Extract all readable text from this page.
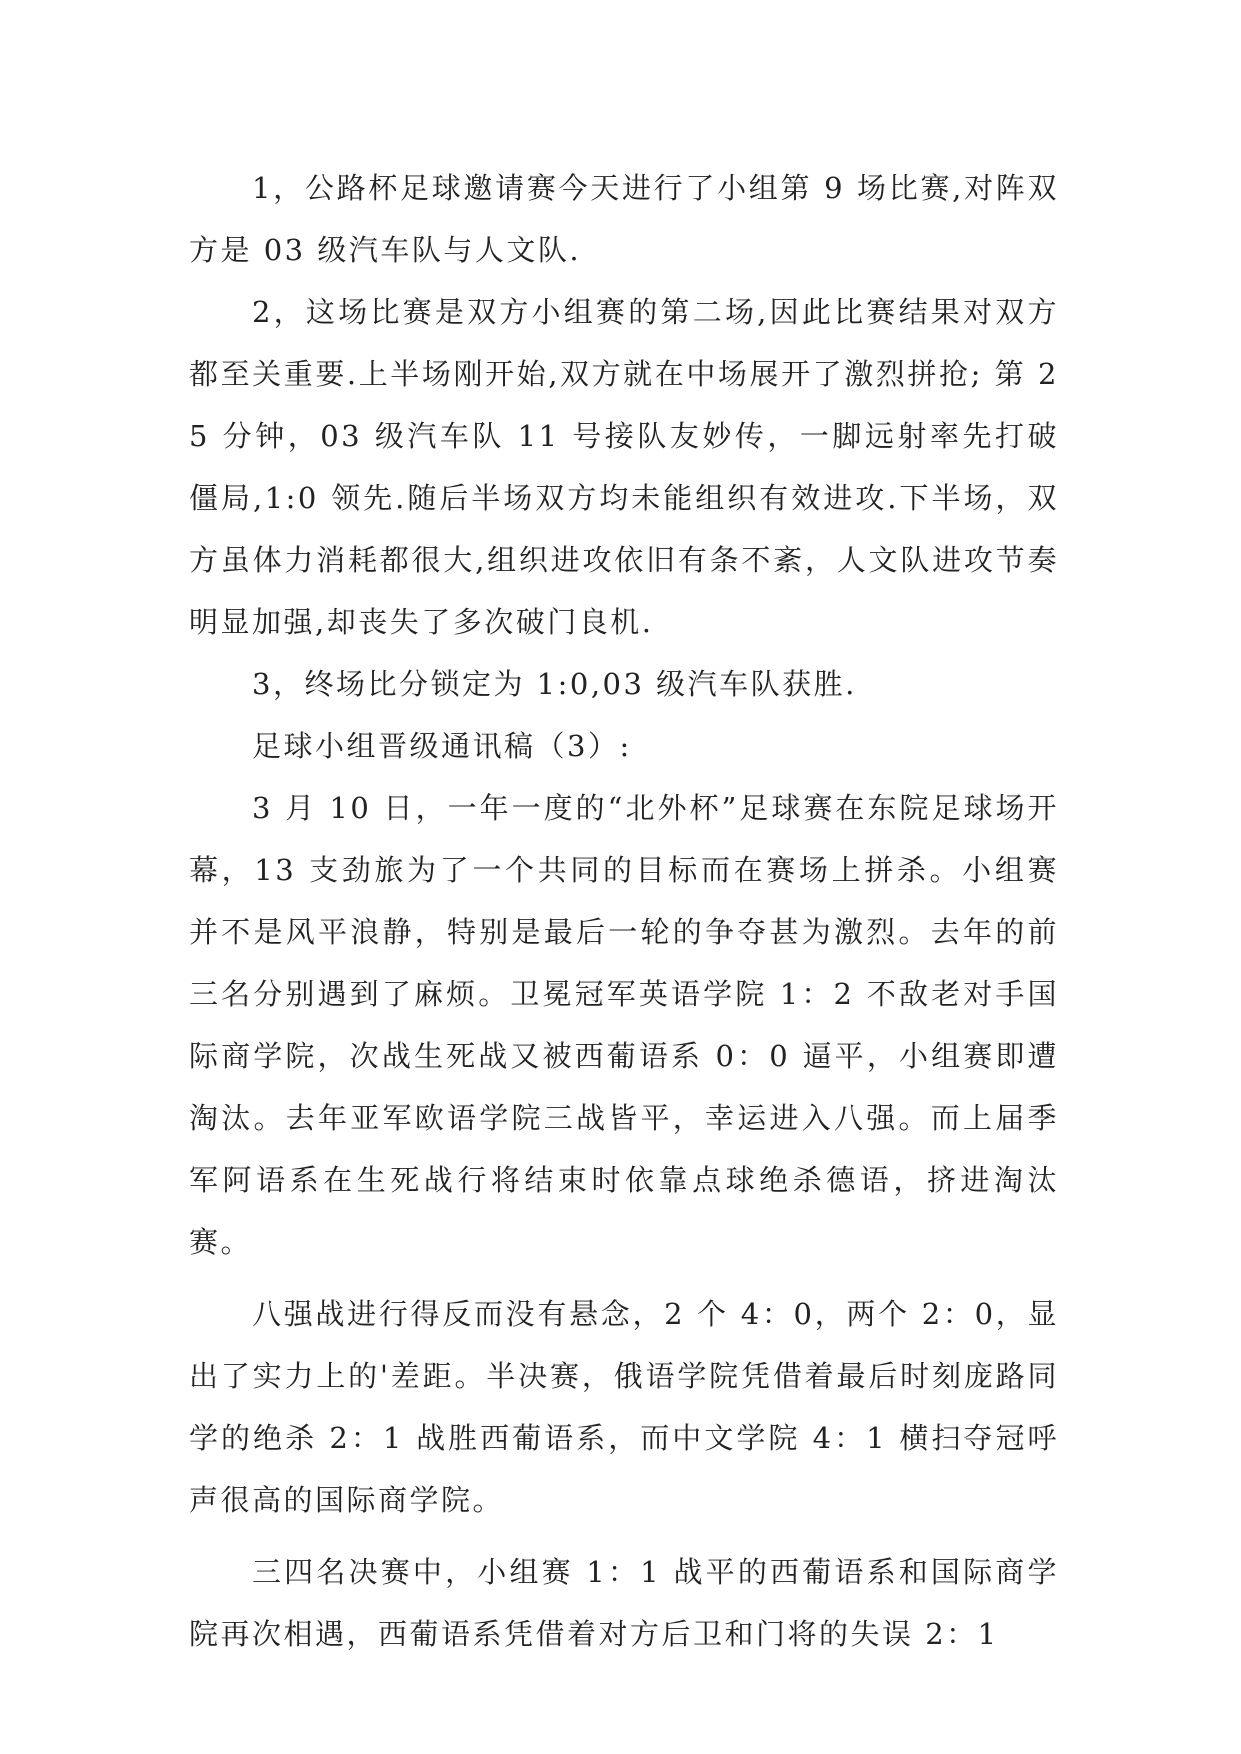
1，公路杯足球邀请赛今天进行了小组第 9 场比赛,对阵双方是 03 级汽车队与人文队.

2，这场比赛是双方小组赛的第二场,因此比赛结果对双方都至关重要.上半场刚开始,双方就在中场展开了激烈拼抢; 第 25 分钟，03 级汽车队 11 号接队友妙传，一脚远射率先打破僵局,1:0 领先.随后半场双方均未能组织有效进攻.下半场，双方虽体力消耗都很大,组织进攻依旧有条不紊，人文队进攻节奏明显加强,却丧失了多次破门良机.

3，终场比分锁定为 1:0,03 级汽车队获胜.

足球小组晋级通讯稿（3）:

3 月 10 日，一年一度的“北外杯”足球赛在东院足球场开幕，13 支劲旅为了一个共同的目标而在赛场上拼杀。小组赛并不是风平浪静，特别是最后一轮的争夺甚为激烈。去年的前三名分别遇到了麻烦。卫冕冠军英语学院 1：2 不敌老对手国际商学院，次战生死战又被西葡语系 0：0 逼平，小组赛即遭淘汰。去年亚军欧语学院三战皆平，幸运进入八强。而上届季军阿语系在生死战行将结束时依靠点球绝杀德语，挤进淘汰赛。

八强战进行得反而没有悬念，2 个 4：0，两个 2：0，显出了实力上的'差距。半决赛，俄语学院凭借着最后时刻庞路同学的绝杀 2：1 战胜西葡语系，而中文学院 4：1 横扫夺冠呼声很高的国际商学院。

三四名决赛中，小组赛 1：1 战平的西葡语系和国际商学院再次相遇，西葡语系凭借着对方后卫和门将的失误 2：1
